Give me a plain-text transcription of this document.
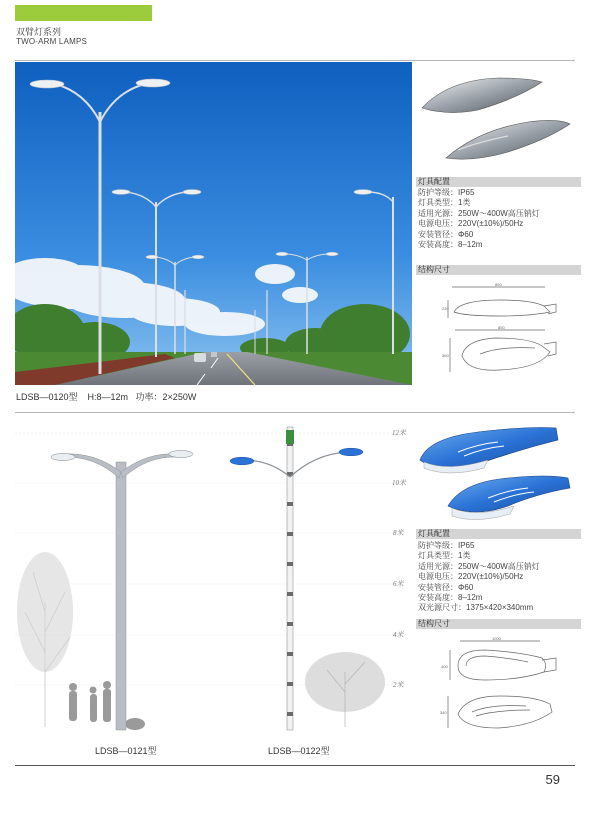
双臂灯系列
TWO-ARM LAMPS
灯具配置
防护等级：IP65
灯具类型：1类
适用光源：250W～400W高压钠灯
电源电压：220V(±10%)/50Hz
安装管径：Φ60
安装高度：8–12m
结构尺寸
850
220
850
360
LDSB—0120型    H:8—12m   功率：2×250W
12米
10米
8米
6米
4米
2米
灯具配置
防护等级：IP65
灯具类型：1类
适用光源：250W～400W高压钠灯
电源电压：220V(±10%)/50Hz
安装管径：Φ60
安装高度：8–12m
双光源尺寸：1375×420×340mm
结构尺寸
1000
400
340
LDSB—0121型	LDSB—0122型
59
